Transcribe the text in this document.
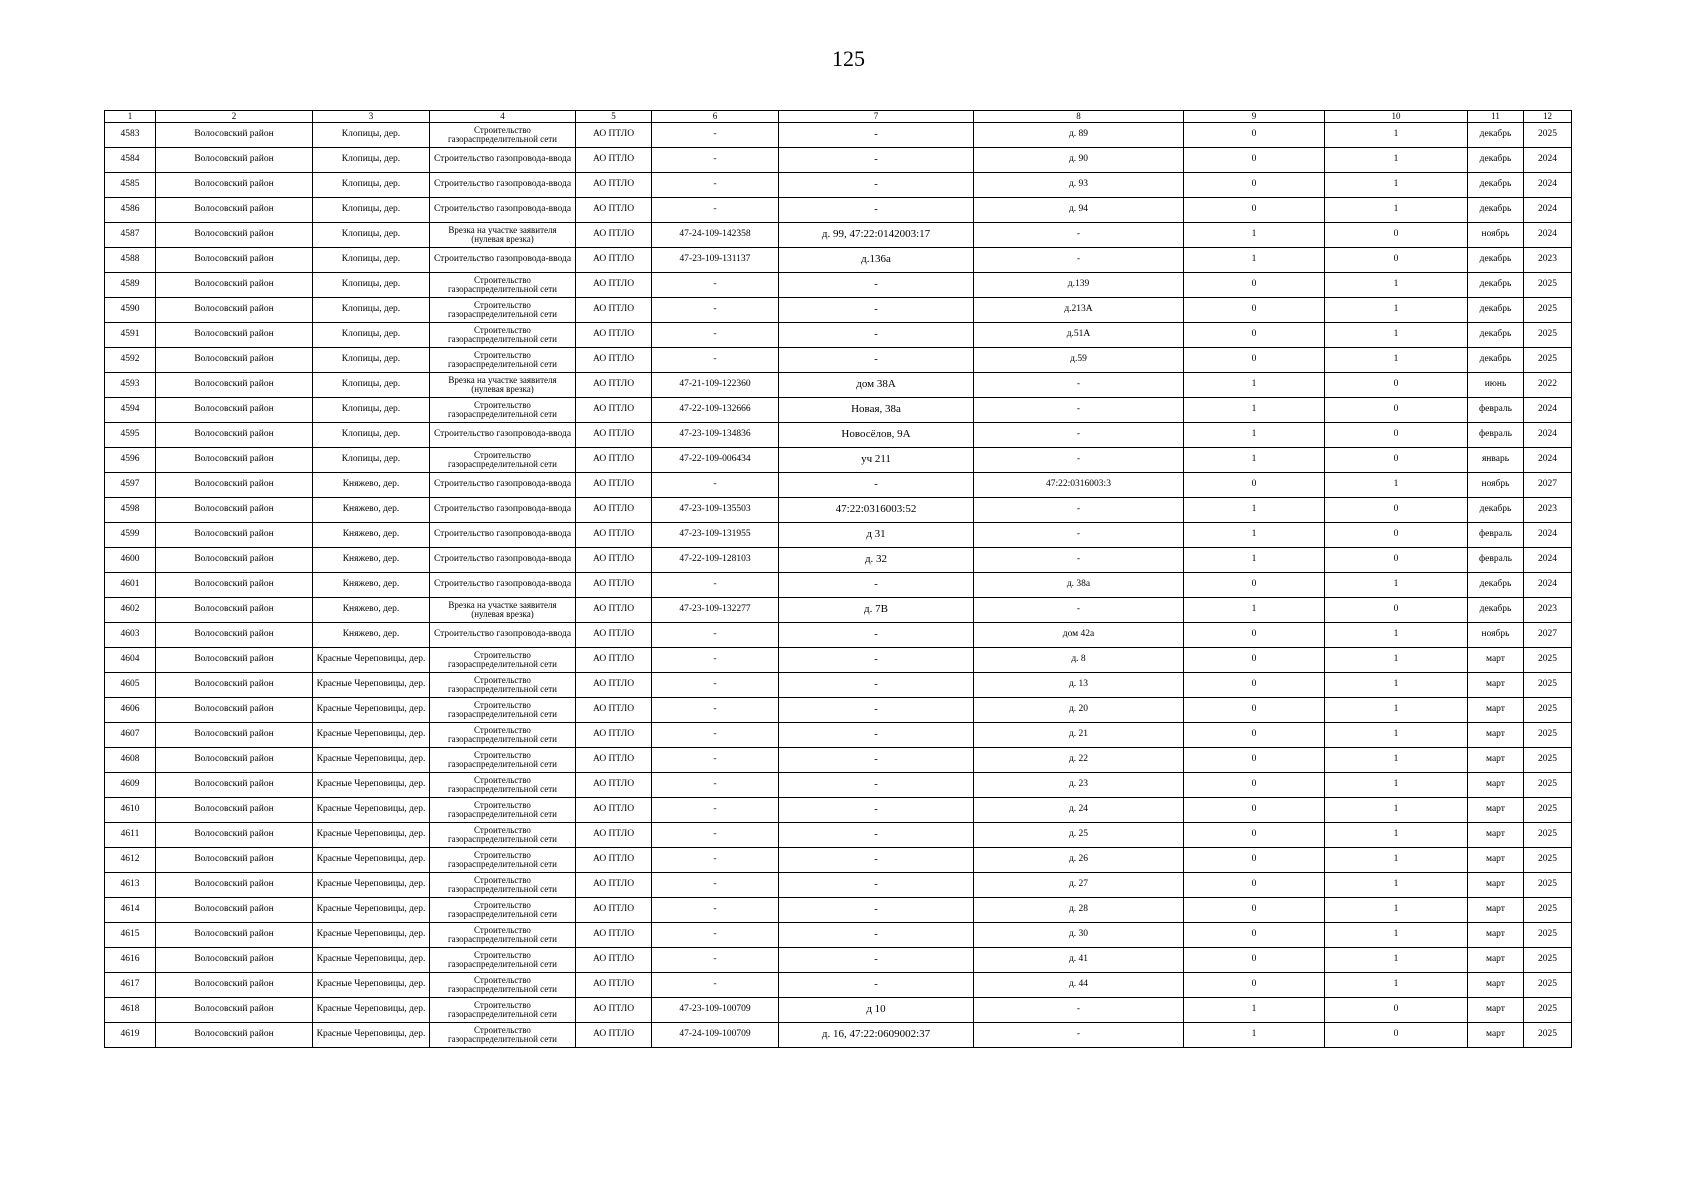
125
1	2	3	4	5	6	7	8	9	10	11	12
4583	Волосовский район	Клопицы, дер.	Строительство газораспределительной сети	АО ПТЛО	-	-	д. 89	0	1	декабрь	2025
4584	Волосовский район	Клопицы, дер.	Строительство газопровода-ввода	АО ПТЛО	-	-	д. 90	0	1	декабрь	2024
4585	Волосовский район	Клопицы, дер.	Строительство газопровода-ввода	АО ПТЛО	-	-	д. 93	0	1	декабрь	2024
4586	Волосовский район	Клопицы, дер.	Строительство газопровода-ввода	АО ПТЛО	-	-	д. 94	0	1	декабрь	2024
4587	Волосовский район	Клопицы, дер.	Врезка на участке заявителя (нулевая врезка)	АО ПТЛО	47-24-109-142358	д. 99, 47:22:0142003:17	-	1	0	ноябрь	2024
4588	Волосовский район	Клопицы, дер.	Строительство газопровода-ввода	АО ПТЛО	47-23-109-131137	д.136а	-	1	0	декабрь	2023
4589	Волосовский район	Клопицы, дер.	Строительство газораспределительной сети	АО ПТЛО	-	-	д.139	0	1	декабрь	2025
4590	Волосовский район	Клопицы, дер.	Строительство газораспределительной сети	АО ПТЛО	-	-	д.213А	0	1	декабрь	2025
4591	Волосовский район	Клопицы, дер.	Строительство газораспределительной сети	АО ПТЛО	-	-	д.51А	0	1	декабрь	2025
4592	Волосовский район	Клопицы, дер.	Строительство газораспределительной сети	АО ПТЛО	-	-	д.59	0	1	декабрь	2025
4593	Волосовский район	Клопицы, дер.	Врезка на участке заявителя (нулевая врезка)	АО ПТЛО	47-21-109-122360	дом 38А	-	1	0	июнь	2022
4594	Волосовский район	Клопицы, дер.	Строительство газораспределительной сети	АО ПТЛО	47-22-109-132666	Новая, 38а	-	1	0	февраль	2024
4595	Волосовский район	Клопицы, дер.	Строительство газопровода-ввода	АО ПТЛО	47-23-109-134836	Новосёлов, 9А	-	1	0	февраль	2024
4596	Волосовский район	Клопицы, дер.	Строительство газораспределительной сети	АО ПТЛО	47-22-109-006434	уч 211	-	1	0	январь	2024
4597	Волосовский район	Княжево, дер.	Строительство газопровода-ввода	АО ПТЛО	-	-	47:22:0316003:3	0	1	ноябрь	2027
4598	Волосовский район	Княжево, дер.	Строительство газопровода-ввода	АО ПТЛО	47-23-109-135503	47:22:0316003:52	-	1	0	декабрь	2023
4599	Волосовский район	Княжево, дер.	Строительство газопровода-ввода	АО ПТЛО	47-23-109-131955	д 31	-	1	0	февраль	2024
4600	Волосовский район	Княжево, дер.	Строительство газопровода-ввода	АО ПТЛО	47-22-109-128103	д. 32	-	1	0	февраль	2024
4601	Волосовский район	Княжево, дер.	Строительство газопровода-ввода	АО ПТЛО	-	-	д. 38а	0	1	декабрь	2024
4602	Волосовский район	Княжево, дер.	Врезка на участке заявителя (нулевая врезка)	АО ПТЛО	47-23-109-132277	д. 7В	-	1	0	декабрь	2023
4603	Волосовский район	Княжево, дер.	Строительство газопровода-ввода	АО ПТЛО	-	-	дом 42а	0	1	ноябрь	2027
4604	Волосовский район	Красные Череповицы, дер.	Строительство газораспределительной сети	АО ПТЛО	-	-	д. 8	0	1	март	2025
4605	Волосовский район	Красные Череповицы, дер.	Строительство газораспределительной сети	АО ПТЛО	-	-	д. 13	0	1	март	2025
4606	Волосовский район	Красные Череповицы, дер.	Строительство газораспределительной сети	АО ПТЛО	-	-	д. 20	0	1	март	2025
4607	Волосовский район	Красные Череповицы, дер.	Строительство газораспределительной сети	АО ПТЛО	-	-	д. 21	0	1	март	2025
4608	Волосовский район	Красные Череповицы, дер.	Строительство газораспределительной сети	АО ПТЛО	-	-	д. 22	0	1	март	2025
4609	Волосовский район	Красные Череповицы, дер.	Строительство газораспределительной сети	АО ПТЛО	-	-	д. 23	0	1	март	2025
4610	Волосовский район	Красные Череповицы, дер.	Строительство газораспределительной сети	АО ПТЛО	-	-	д. 24	0	1	март	2025
4611	Волосовский район	Красные Череповицы, дер.	Строительство газораспределительной сети	АО ПТЛО	-	-	д. 25	0	1	март	2025
4612	Волосовский район	Красные Череповицы, дер.	Строительство газораспределительной сети	АО ПТЛО	-	-	д. 26	0	1	март	2025
4613	Волосовский район	Красные Череповицы, дер.	Строительство газораспределительной сети	АО ПТЛО	-	-	д. 27	0	1	март	2025
4614	Волосовский район	Красные Череповицы, дер.	Строительство газораспределительной сети	АО ПТЛО	-	-	д. 28	0	1	март	2025
4615	Волосовский район	Красные Череповицы, дер.	Строительство газораспределительной сети	АО ПТЛО	-	-	д. 30	0	1	март	2025
4616	Волосовский район	Красные Череповицы, дер.	Строительство газораспределительной сети	АО ПТЛО	-	-	д. 41	0	1	март	2025
4617	Волосовский район	Красные Череповицы, дер.	Строительство газораспределительной сети	АО ПТЛО	-	-	д. 44	0	1	март	2025
4618	Волосовский район	Красные Череповицы, дер.	Строительство газораспределительной сети	АО ПТЛО	47-23-109-100709	д 10	-	1	0	март	2025
4619	Волосовский район	Красные Череповицы, дер.	Строительство газораспределительной сети	АО ПТЛО	47-24-109-100709	д. 16, 47:22:0609002:37	-	1	0	март	2025
